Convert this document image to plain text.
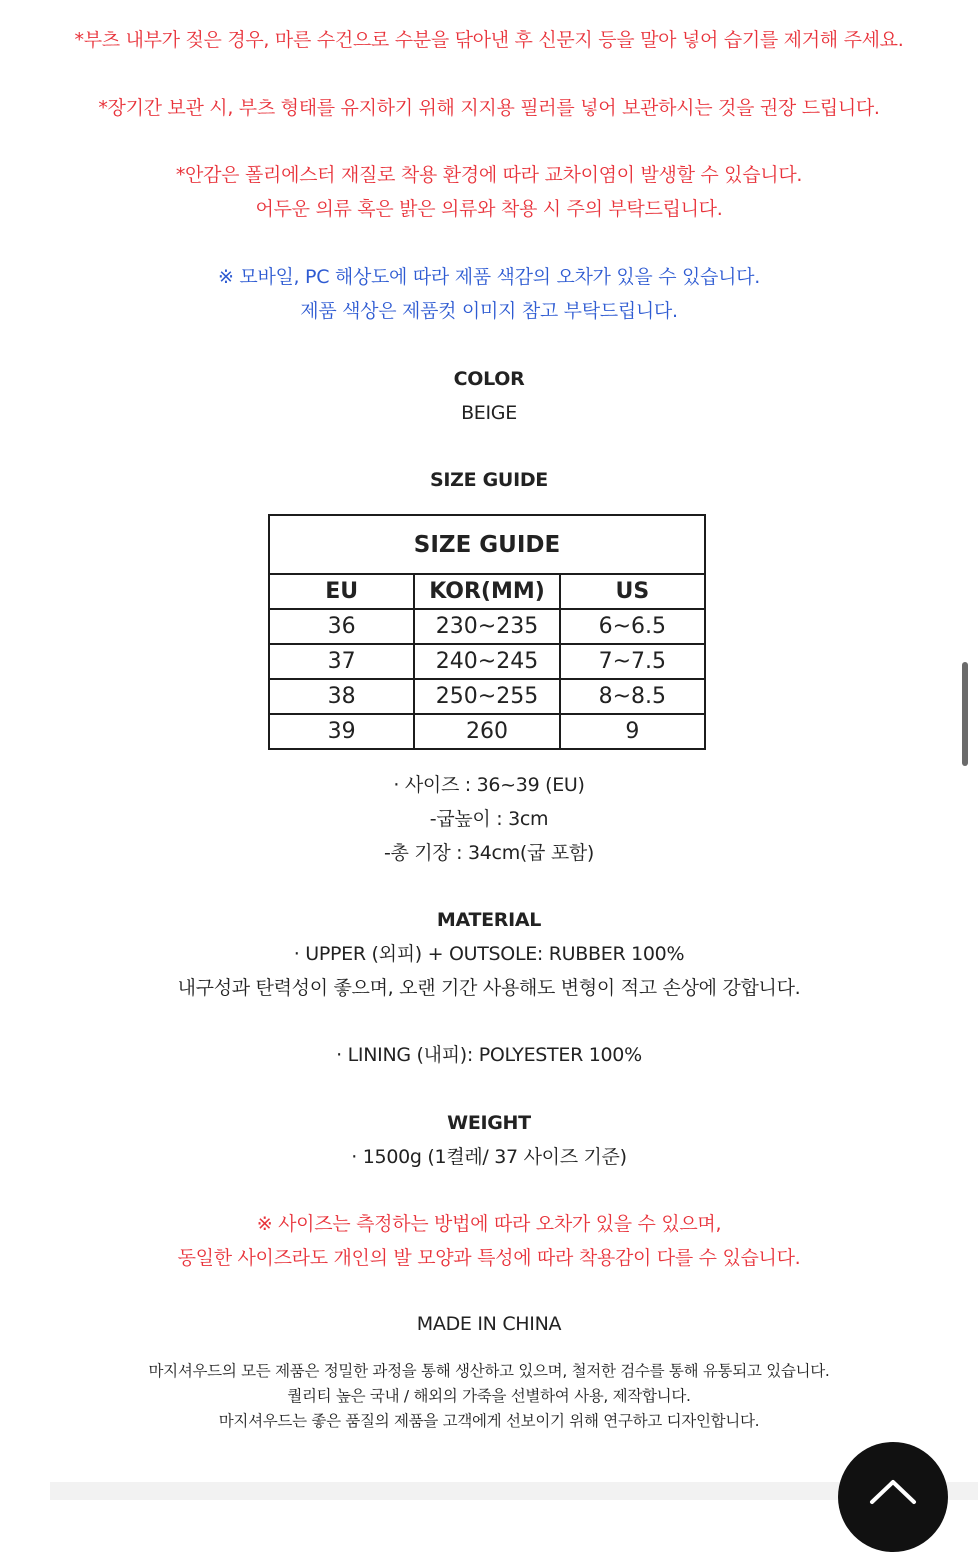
*부츠 내부가 젖은 경우, 마른 수건으로 수분을 닦아낸 후 신문지 등을 말아 넣어 습기를 제거해 주세요.
*장기간 보관 시, 부츠 형태를 유지하기 위해 지지용 필러를 넣어 보관하시는 것을 권장 드립니다.
*안감은 폴리에스터 재질로 착용 환경에 따라 교차이염이 발생할 수 있습니다.
어두운 의류 혹은 밝은 의류와 착용 시 주의 부탁드립니다.
※ 모바일, PC 해상도에 따라 제품 색감의 오차가 있을 수 있습니다.
제품 색상은 제품컷 이미지 참고 부탁드립니다.
COLOR
BEIGE
SIZE GUIDE
SIZE GUIDE		
EU	KOR(MM)	US
36	230~235	6~6.5
37	240~245	7~7.5
38	250~255	8~8.5
39	260	9
· 사이즈 : 36~39 (EU)
-굽높이 : 3cm
-총 기장 : 34cm(굽 포함)
MATERIAL
· UPPER (외피) + OUTSOLE: RUBBER 100%
내구성과 탄력성이 좋으며, 오랜 기간 사용해도 변형이 적고 손상에 강합니다.
· LINING (내피): POLYESTER 100%
WEIGHT
· 1500g (1켤레/ 37 사이즈 기준)
※ 사이즈는 측정하는 방법에 따라 오차가 있을 수 있으며,
동일한 사이즈라도 개인의 발 모양과 특성에 따라 착용감이 다를 수 있습니다.
MADE IN CHINA
마지셔우드의 모든 제품은 정밀한 과정을 통해 생산하고 있으며, 철저한 검수를 통해 유통되고 있습니다.
퀄리티 높은 국내 / 해외의 가죽을 선별하여 사용, 제작합니다.
마지셔우드는 좋은 품질의 제품을 고객에게 선보이기 위해 연구하고 디자인합니다.
